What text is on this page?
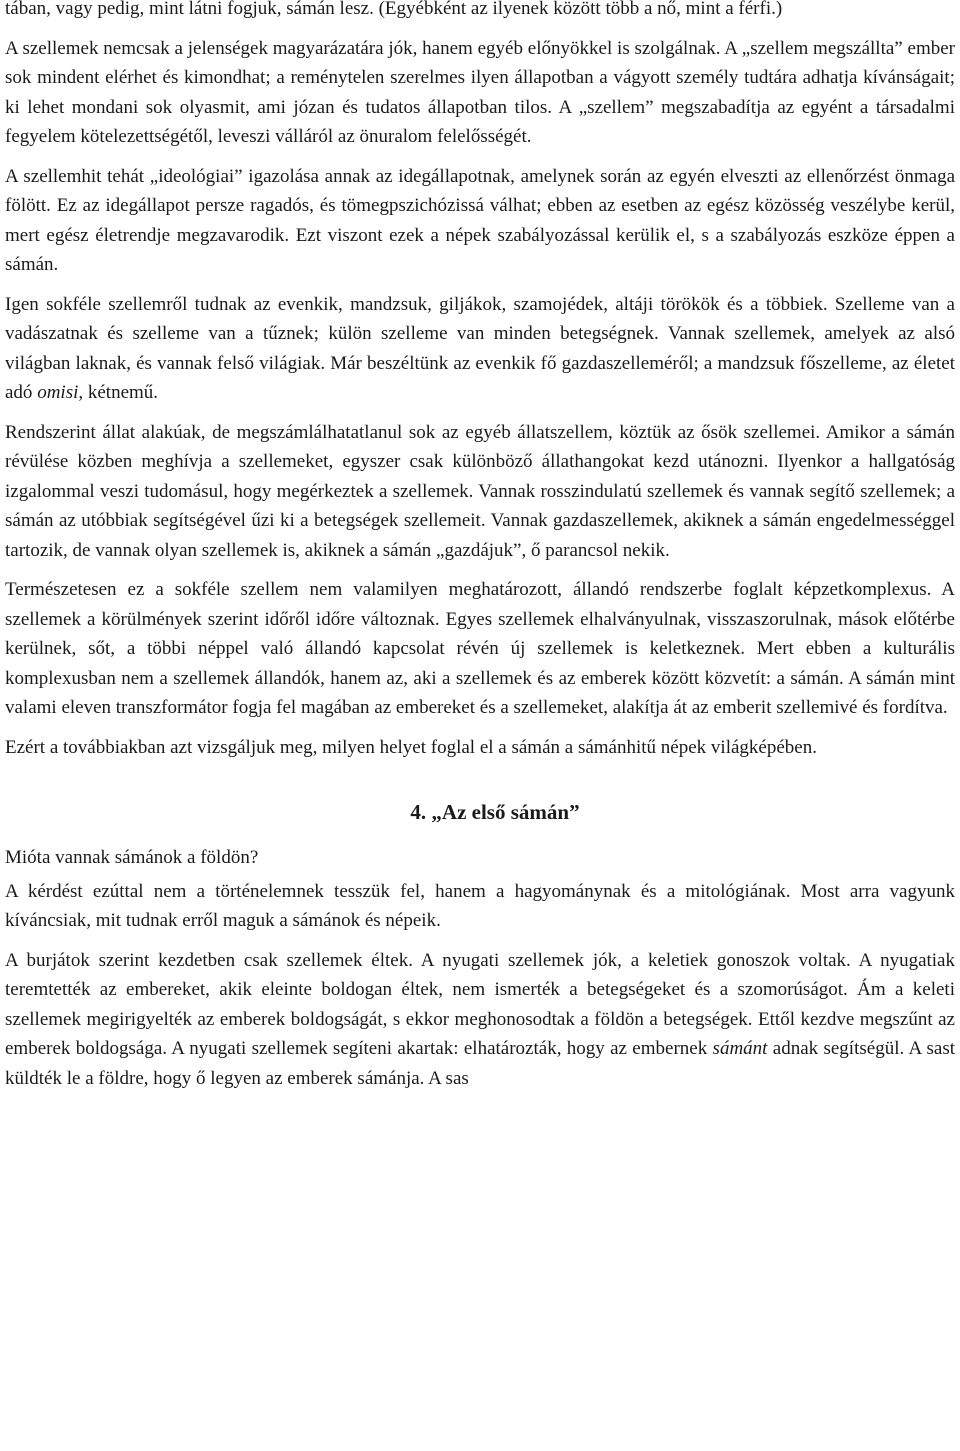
tában, vagy pedig, mint látni fogjuk, sámán lesz. (Egyébként az ilyenek között több a nő, mint a férfi.)

A szellemek nemcsak a jelenségek magyarázatára jók, hanem egyéb előnyökkel is szolgálnak. A „szellem megszállta” ember sok mindent elérhet és kimondhat; a reménytelen szerelmes ilyen állapotban a vágyott személy tudtára adhatja kívánságait; ki lehet mondani sok olyasmit, ami józan és tudatos állapotban tilos. A „szellem” megszabadítja az egyént a társadalmi fegyelem kötelezettségétől, leveszi válláról az önuralom felelősségét.

A szellemhit tehát „ideológiai” igazolása annak az idegállapotnak, amelynek során az egyén elveszti az ellenőrzést önmaga fölött. Ez az idegállapot persze ragadós, és tömegpszichózissá válhat; ebben az esetben az egész közösség veszélybe kerül, mert egész életrendje megzavarodik. Ezt viszont ezek a népek szabályozással kerülik el, s a szabályozás eszköze éppen a sámán.

Igen sokféle szellemről tudnak az evenkik, mandzsuk, giljákok, szamojédek, altáji törökök és a többiek. Szelleme van a vadászatnak és szelleme van a tűznek; külön szelleme van minden betegségnek. Vannak szellemek, amelyek az alsó világban laknak, és vannak felső világiak. Már beszéltünk az evenkik fő gazdaszelleméről; a mandzsuk főszelleme, az életet adó omisi, kétnemű.

Rendszerint állat alakúak, de megszámlálhatatlanul sok az egyéb állatszellem, köztük az ősök szellemei. Amikor a sámán révülése közben meghívja a szellemeket, egyszer csak különböző állathangokat kezd utánozni. Ilyenkor a hallgatóság izgalommal veszi tudomásul, hogy megérkeztek a szellemek. Vannak rosszindulatú szellemek és vannak segítő szellemek; a sámán az utóbbiak segítségével űzi ki a betegségek szellemeit. Vannak gazdaszellemek, akiknek a sámán engedelmességgel tartozik, de vannak olyan szellemek is, akiknek a sámán „gazdájuk”, ő parancsol nekik.

Természetesen ez a sokféle szellem nem valamilyen meghatározott, állandó rendszerbe foglalt képzetkomplexus. A szellemek a körülmények szerint időről időre változnak. Egyes szellemek elhalványulnak, visszaszorulnak, mások előtérbe kerülnek, sőt, a többi néppel való állandó kapcsolat révén új szellemek is keletkeznek. Mert ebben a kulturális komplexusban nem a szellemek állandók, hanem az, aki a szellemek és az emberek között közvetít: a sámán. A sámán mint valami eleven transzformátor fogja fel magában az embereket és a szellemeket, alakítja át az emberit szellemivé és fordítva.

Ezért a továbbiakban azt vizsgáljuk meg, milyen helyet foglal el a sámán a sámánhitű népek világképében.

4. „Az első sámán”

Mióta vannak sámánok a földön?

A kérdést ezúttal nem a történelemnek tesszük fel, hanem a hagyománynak és a mitológiának. Most arra vagyunk kíváncsiak, mit tudnak erről maguk a sámánok és népeik.

A burjátok szerint kezdetben csak szellemek éltek. A nyugati szellemek jók, a keletiek gonoszok voltak. A nyugatiak teremtették az embereket, akik eleinte boldogan éltek, nem ismerték a betegségeket és a szomorúságot. Ám a keleti szellemek megirigyelték az emberek boldogságát, s ekkor meghonosodtak a földön a betegségek. Ettől kezdve megszűnt az emberek boldogsága. A nyugati szellemek segíteni akartak: elhatározták, hogy az embernek sámánt adnak segítségül. A sast küldték le a földre, hogy ő legyen az emberek sámánja. A sas
